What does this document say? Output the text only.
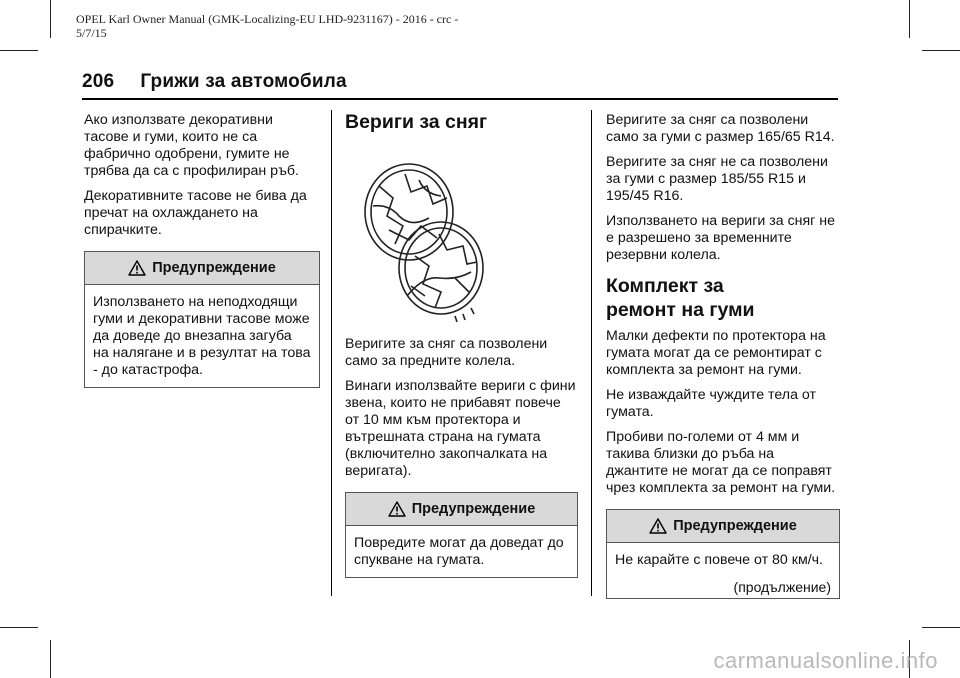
OPEL Karl Owner Manual (GMK-Localizing-EU LHD-9231167) - 2016 - crc -
5/7/15
206 Грижи за автомобила

Ако използвате декоративни тасове и гуми, които не са фабрично одобрени, гумите не трябва да са с профилиран ръб.

Декоративните тасове не бива да пречат на охлаждането на спирачките.

Предупреждение
Използването на неподходящи гуми и декоративни тасове може да доведе до внезапна загуба на налягане и в резултат на това - до катастрофа.
Вериги за сняг

Веригите за сняг са позволени само за предните колела.

Винаги използвайте вериги с фини звена, които не прибавят повече от 10 мм към протектора и вътрешната страна на гумата (включително закопчалката на веригата).

Предупреждение
Повредите могат да доведат до спукване на гумата.

Веригите за сняг са позволени само за гуми с размер 165/65 R14.

Веригите за сняг не са позволени за гуми с размер 185/55 R15 и 195/45 R16.

Използването на вериги за сняг не е разрешено за временните резервни колела.

Комплект за ремонт на гуми

Малки дефекти по протектора на гумата могат да се ремонтират с комплекта за ремонт на гуми.

Не изваждайте чуждите тела от гумата.

Пробиви по-големи от 4 мм и такива близки до ръба на джантите не могат да се поправят чрез комплекта за ремонт на гуми.

Предупреждение
Не карайте с повече от 80 км/ч.
(продължение)
carmanualsonline.info
